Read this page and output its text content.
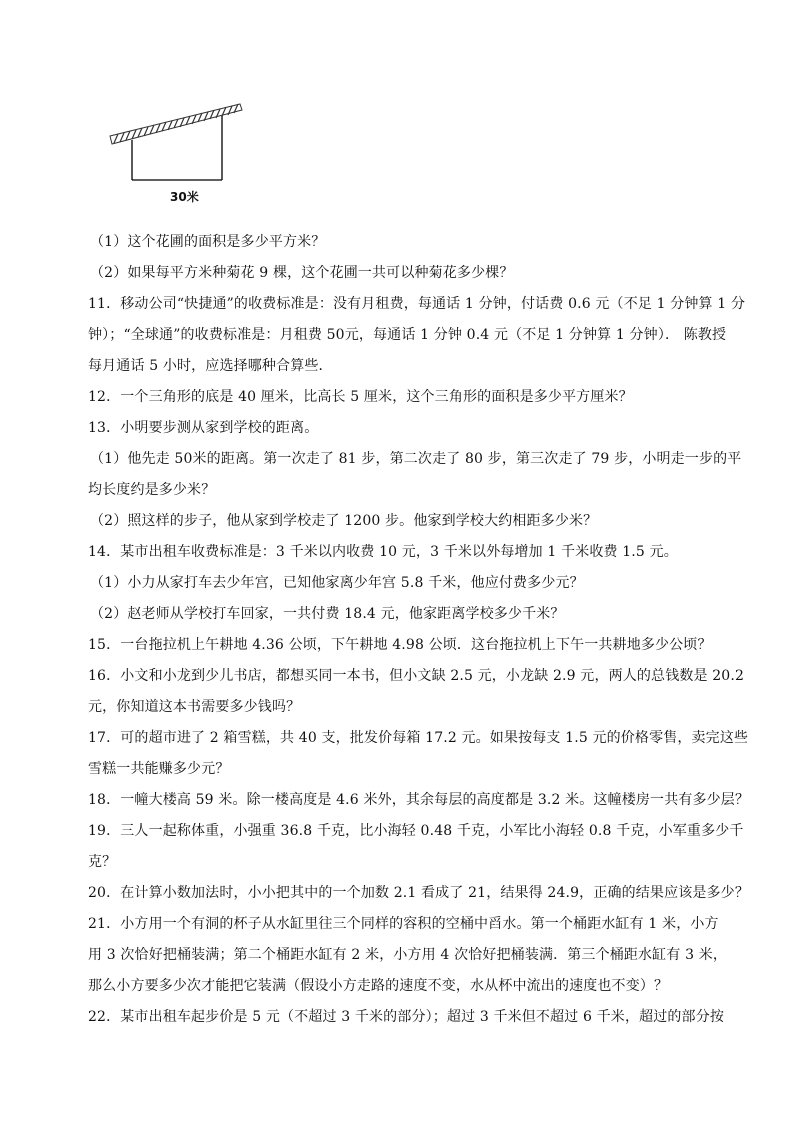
30米
（1）这个花圃的面积是多少平方米？
（2）如果每平方米种菊花 9 棵，这个花圃一共可以种菊花多少棵？
11．移动公司“快捷通”的收费标准是：没有月租费，每通话 1 分钟，付话费 0.6 元（不足 1 分钟算 1 分
钟）；“全球通”的收费标准是：月租费 50元，每通话 1 分钟 0.4 元（不足 1 分钟算 1 分钟）． 陈教授
每月通话 5 小时，应选择哪种合算些．
12．一个三角形的底是 40 厘米，比高长 5 厘米，这个三角形的面积是多少平方厘米？
13．小明要步测从家到学校的距离。
（1）他先走 50米的距离。第一次走了 81 步，第二次走了 80 步，第三次走了 79 步，小明走一步的平
均长度约是多少米？
（2）照这样的步子，他从家到学校走了 1200 步。他家到学校大约相距多少米？
14．某市出租车收费标准是：3 千米以内收费 10 元，3 千米以外每增加 1 千米收费 1.5 元。
（1）小力从家打车去少年宫，已知他家离少年宫 5.8 千米，他应付费多少元？
（2）赵老师从学校打车回家，一共付费 18.4 元，他家距离学校多少千米？
15．一台拖拉机上午耕地 4.36 公顷，下午耕地 4.98 公顷．这台拖拉机上下午一共耕地多少公顷？
16．小文和小龙到少儿书店，都想买同一本书，但小文缺 2.5 元，小龙缺 2.9 元，两人的总钱数是 20.2
元，你知道这本书需要多少钱吗？
17．可的超市进了 2 箱雪糕，共 40 支，批发价每箱 17.2 元。如果按每支 1.5 元的价格零售，卖完这些
雪糕一共能赚多少元？
18．一幢大楼高 59 米。除一楼高度是 4.6 米外，其余每层的高度都是 3.2 米。这幢楼房一共有多少层？
19．三人一起称体重，小强重 36.8 千克，比小海轻 0.48 千克，小军比小海轻 0.8 千克，小军重多少千
克？
20．在计算小数加法时，小小把其中的一个加数 2.1 看成了 21，结果得 24.9，正确的结果应该是多少？
21．小方用一个有洞的杯子从水缸里往三个同样的容积的空桶中舀水。第一个桶距水缸有 1 米，小方
用 3 次恰好把桶装满；第二个桶距水缸有 2 米，小方用 4 次恰好把桶装满．第三个桶距水缸有 3 米，
那么小方要多少次才能把它装满（假设小方走路的速度不变，水从杯中流出的速度也不变）？
22．某市出租车起步价是 5 元（不超过 3 千米的部分）；超过 3 千米但不超过 6 千米，超过的部分按
